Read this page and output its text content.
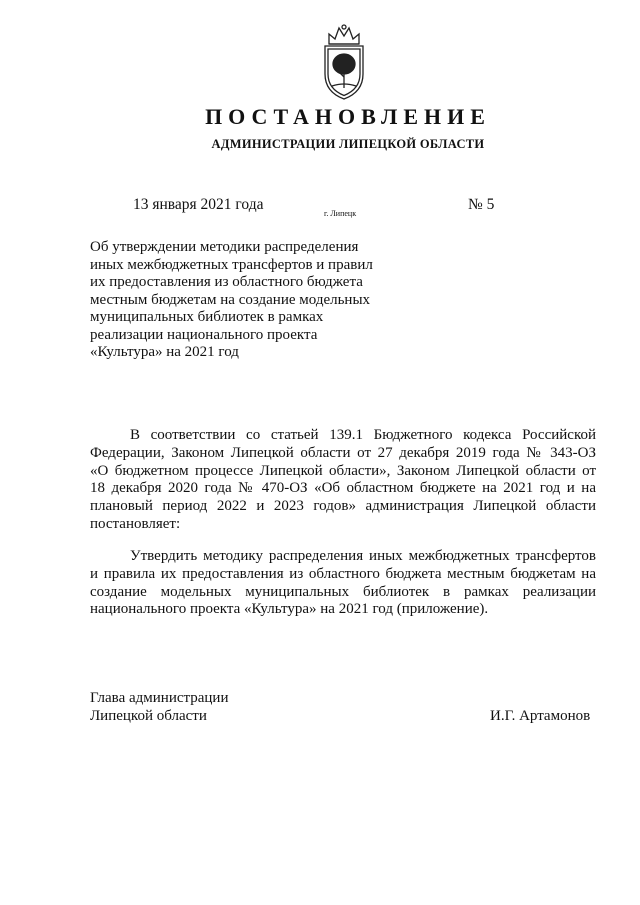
ПОСТАНОВЛЕНИЕ
АДМИНИСТРАЦИИ ЛИПЕЦКОЙ ОБЛАСТИ
13 января 2021 года
г. Липецк
№ 5
Об утверждении методики распределения
иных межбюджетных трансфертов и правил
их предоставления из областного бюджета
местным бюджетам на создание модельных
муниципальных библиотек в рамках
реализации национального проекта
«Культура» на 2021 год
В соответствии со статьей 139.1 Бюджетного кодекса Российской
Федерации, Законом Липецкой области от 27 декабря 2019 года № 343-ОЗ
«О бюджетном процессе Липецкой области», Законом Липецкой области от
18 декабря 2020 года № 470-ОЗ «Об областном бюджете на 2021 год и на
плановый период 2022 и 2023 годов» администрация Липецкой области
постановляет:
Утвердить методику распределения иных межбюджетных трансфертов
и правила их предоставления из областного бюджета местным бюджетам на
создание модельных муниципальных библиотек в рамках реализации
национального проекта «Культура» на 2021 год (приложение).
Глава администрации
Липецкой области	И.Г. Артамонов
